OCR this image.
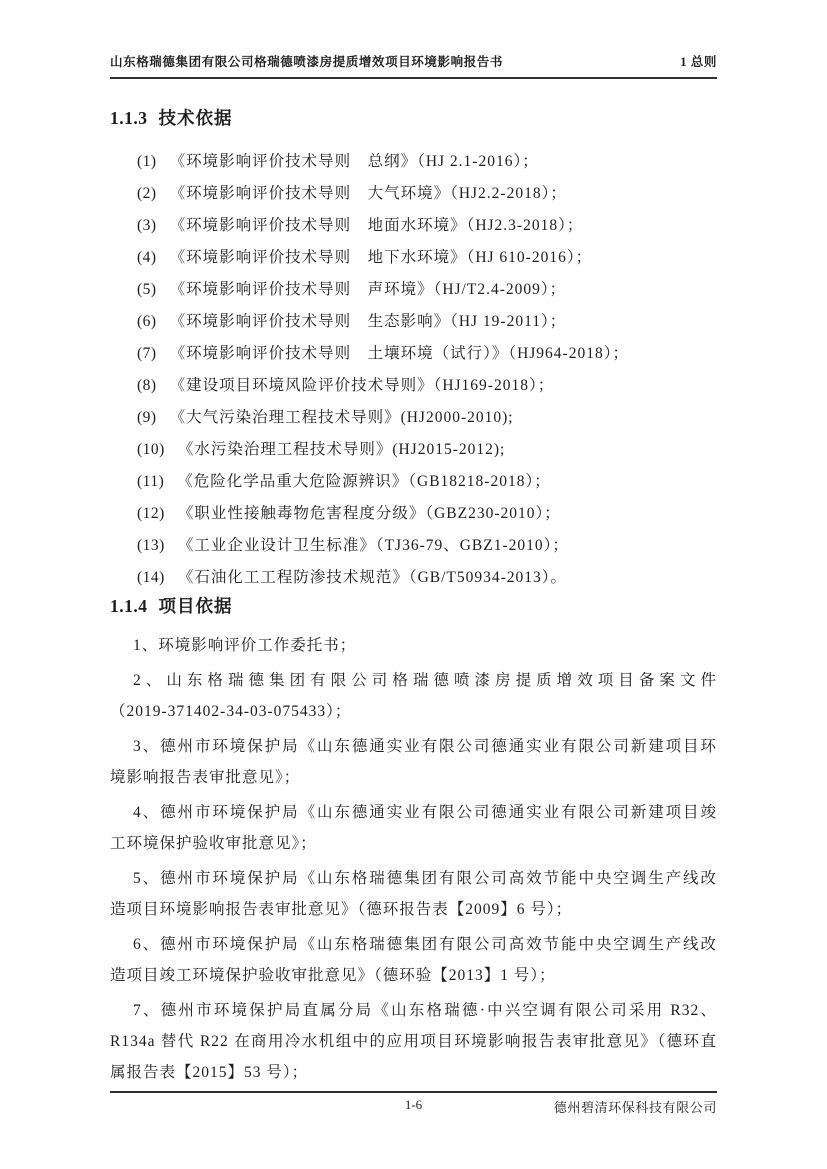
山东格瑞德集团有限公司格瑞德喷漆房提质增效项目环境影响报告书	1 总则
1.1.3 技术依据
(1) 《环境影响评价技术导则　总纲》（HJ 2.1-2016）；
(2) 《环境影响评价技术导则　大气环境》（HJ2.2-2018）；
(3) 《环境影响评价技术导则　地面水环境》（HJ2.3-2018）；
(4) 《环境影响评价技术导则　地下水环境》（HJ 610-2016）；
(5) 《环境影响评价技术导则　声环境》（HJ/T2.4-2009）；
(6) 《环境影响评价技术导则　生态影响》（HJ 19-2011）；
(7) 《环境影响评价技术导则　土壤环境（试行）》（HJ964-2018）；
(8) 《建设项目环境风险评价技术导则》（HJ169-2018）；
(9) 《大气污染治理工程技术导则》(HJ2000-2010);
(10) 《水污染治理工程技术导则》(HJ2015-2012);
(11) 《危险化学品重大危险源辨识》（GB18218-2018）；
(12) 《职业性接触毒物危害程度分级》（GBZ230-2010）；
(13) 《工业企业设计卫生标准》（TJ36-79、GBZ1-2010）；
(14) 《石油化工工程防渗技术规范》（GB/T50934-2013）。
1.1.4 项目依据
1、环境影响评价工作委托书；
2、山东格瑞德集团有限公司格瑞德喷漆房提质增效项目备案文件
（2019-371402-34-03-075433）；
3、德州市环境保护局《山东德通实业有限公司德通实业有限公司新建项目环
境影响报告表审批意见》；
4、德州市环境保护局《山东德通实业有限公司德通实业有限公司新建项目竣
工环境保护验收审批意见》；
5、德州市环境保护局《山东格瑞德集团有限公司高效节能中央空调生产线改
造项目环境影响报告表审批意见》（德环报告表【2009】6 号）；
6、德州市环境保护局《山东格瑞德集团有限公司高效节能中央空调生产线改
造项目竣工环境保护验收审批意见》（德环验【2013】1 号）；
7、德州市环境保护局直属分局《山东格瑞德·中兴空调有限公司采用 R32、
R134a 替代 R22 在商用冷水机组中的应用项目环境影响报告表审批意见》（德环直
属报告表【2015】53 号）；
1-6	德州碧清环保科技有限公司
